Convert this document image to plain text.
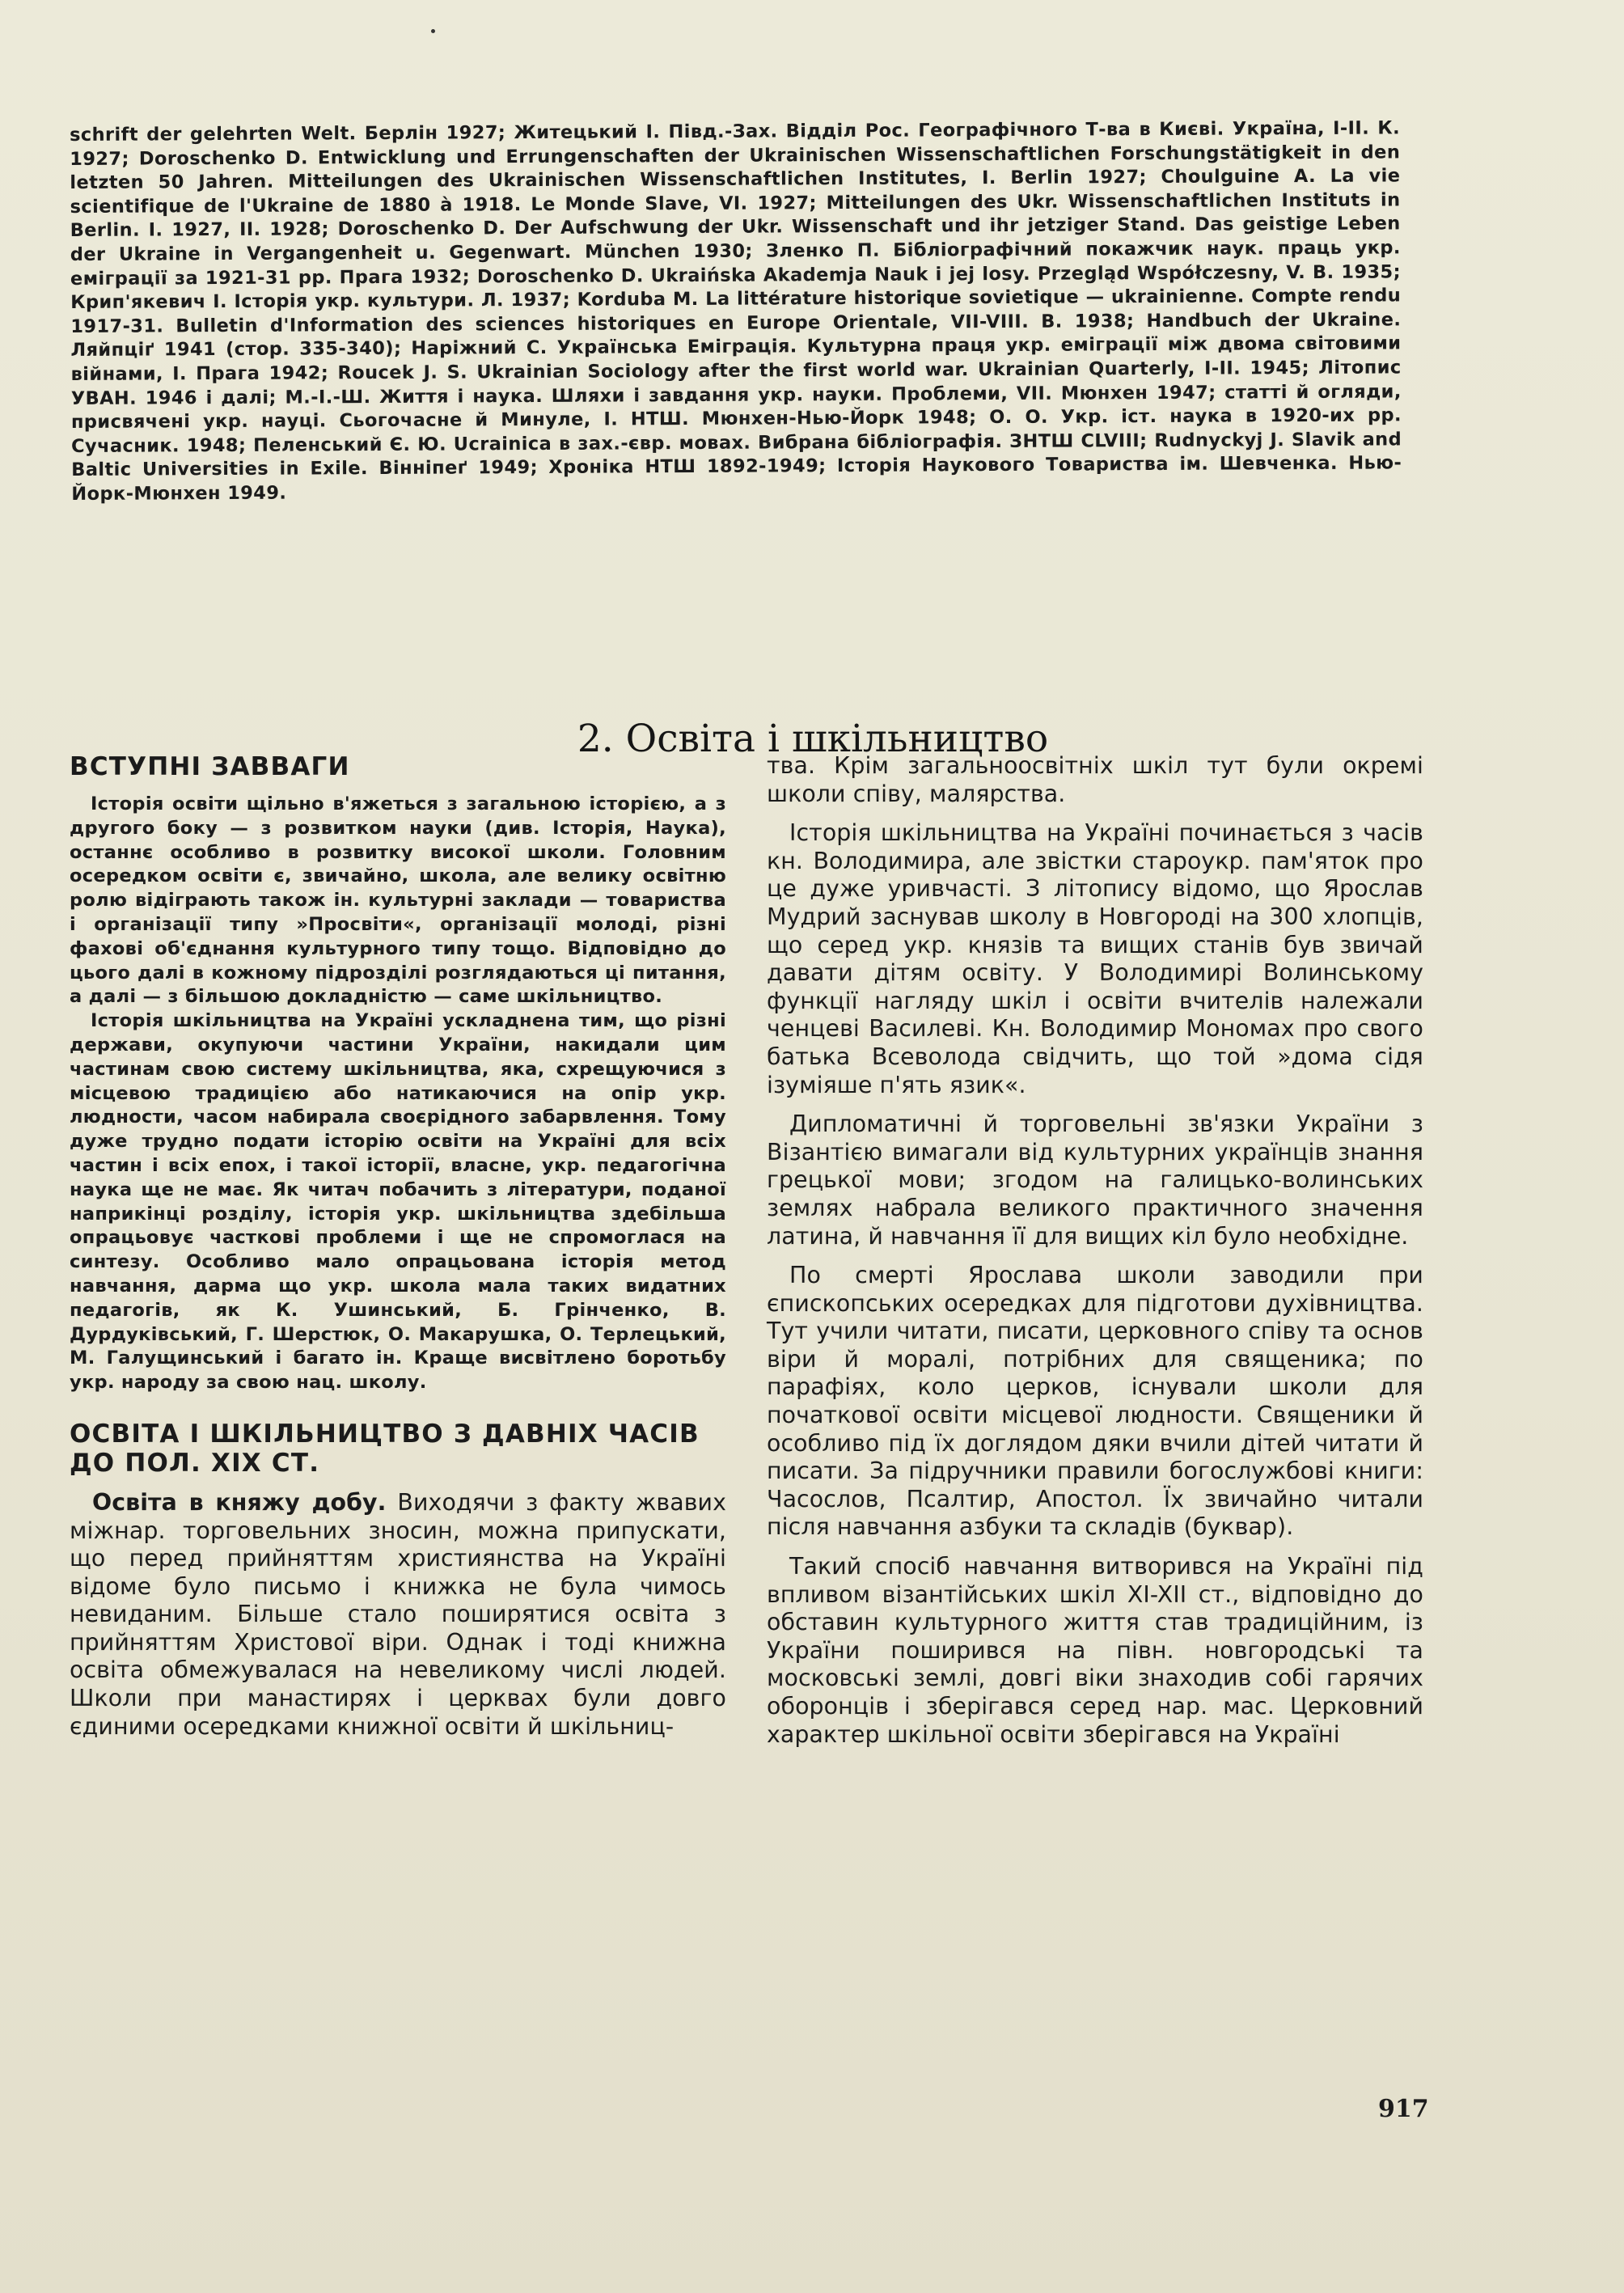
schrift der gelehrten Welt. Берлін 1927; Житецький І. Півд.-Зах. Відділ Рос. Географічного Т-ва в Києві. Україна, І-ІІ. К. 1927; Doroschenko D. Entwicklung und Errungenschaften der Ukrainischen Wissenschaftlichen Forschungstätigkeit in den letzten 50 Jahren. Mitteilungen des Ukrainischen Wissenschaftlichen Institutes, I. Berlin 1927; Choulguine A. La vie scientifique de l'Ukraine de 1880 à 1918. Le Monde Slave, VI. 1927; Mitteilungen des Ukr. Wissenschaftlichen Instituts in Berlin. I. 1927, II. 1928; Doroschenko D. Der Aufschwung der Ukr. Wissenschaft und ihr jetziger Stand. Das geistige Leben der Ukraine in Vergangenheit u. Gegenwart. München 1930; Зленко П. Бібліографічний покажчик наук. праць укр. еміграції за 1921-31 рр. Прага 1932; Doroschenko D. Ukraińska Akademja Nauk i jej losy. Przegląd Współczesny, V. B. 1935; Крип'якевич І. Історія укр. культури. Л. 1937; Korduba M. La littérature historique sovietique — ukrainienne. Compte rendu 1917-31. Bulletin d'Information des sciences historiques en Europe Orientale, VII-VIII. B. 1938; Handbuch der Ukraine. Ляйпціґ 1941 (стор. 335-340); Наріжний С. Українська Еміграція. Культурна праця укр. еміграції між двома світовими війнами, І. Прага 1942; Roucek J. S. Ukrainian Sociology after the first world war. Ukrainian Quarterly, I-II. 1945; Літопис УВАН. 1946 і далі; М.-І.-Ш. Життя і наука. Шляхи і завдання укр. науки. Проблеми, VII. Мюнхен 1947; статті й огляди, присвячені укр. науці. Сьогочасне й Минуле, І. НТШ. Мюнхен-Нью-Йорк 1948; О. О. Укр. іст. наука в 1920-их рр. Сучасник. 1948; Пеленський Є. Ю. Ucrainica в зах.-євр. мовах. Вибрана бібліографія. ЗНТШ CLVIII; Rudnyckyj J. Slavik and Baltic Universities in Exile. Вінніпеґ 1949; Хроніка НТШ 1892-1949; Історія Наукового Товариства ім. Шевченка. Нью-Йорк-Мюнхен 1949.

2. Освіта і шкільництво
ВСТУПНІ ЗАВВАГИ

Історія освіти щільно в'яжеться з загальною історією, а з другого боку — з розвитком науки (див. Історія, Наука), останнє особливо в розвитку високої школи. Головним осередком освіти є, звичайно, школа, але велику освітню ролю відіграють також ін. культурні заклади — товариства і організації типу »Просвіти«, організації молоді, різні фахові об'єднання культурного типу тощо. Відповідно до цього далі в кожному підрозділі розглядаються ці питання, а далі — з більшою докладністю — саме шкільництво.

Історія шкільництва на Україні ускладнена тим, що різні держави, окупуючи частини України, накидали цим частинам свою систему шкільництва, яка, схрещуючися з місцевою традицією або натикаючися на опір укр. людности, часом набирала своєрідного забарвлення. Тому дуже трудно подати історію освіти на Україні для всіх частин і всіх епох, і такої історії, власне, укр. педагогічна наука ще не має. Як читач побачить з літератури, поданої наприкінці розділу, історія укр. шкільництва здебільша опрацьовує часткові проблеми і ще не спромоглася на синтезу. Особливо мало опрацьована історія метод навчання, дарма що укр. школа мала таких видатних педагогів, як К. Ушинський, Б. Грінченко, В. Дурдуківський, Г. Шерстюк, О. Макарушка, О. Терлецький, М. Галущинський і багато ін. Краще висвітлено боротьбу укр. народу за свою нац. школу.

ОСВІТА І ШКІЛЬНИЦТВО З ДАВНІХ ЧАСІВ ДО ПОЛ. XIX СТ.

Освіта в княжу добу. Виходячи з факту жвавих міжнар. торговельних зносин, можна припускати, що перед прийняттям християнства на Україні відоме було письмо і книжка не була чимось невиданим. Більше стало поширятися освіта з прийняттям Христової віри. Однак і тоді книжна освіта обмежувалася на невеликому числі людей. Школи при манастирях і церквах були довго єдиними осередками книжної освіти й шкільниц-

тва. Крім загальноосвітніх шкіл тут були окремі школи співу, малярства.

Історія шкільництва на Україні починається з часів кн. Володимира, але звістки староукр. пам'яток про це дуже уривчасті. З літопису відомо, що Ярослав Мудрий заснував школу в Новгороді на 300 хлопців, що серед укр. князів та вищих станів був звичай давати дітям освіту. У Володимирі Волинському функції нагляду шкіл і освіти вчителів належали ченцеві Василеві. Кн. Володимир Мономах про свого батька Всеволода свідчить, що той »дома сідя ізуміяше п'ять язик«.

Дипломатичні й торговельні зв'язки України з Візантією вимагали від культурних українців знання грецької мови; згодом на галицько-волинських землях набрала великого практичного значення латина, й навчання її для вищих кіл було необхідне.

По смерті Ярослава школи заводили при єпископських осередках для підготови духівництва. Тут учили читати, писати, церковного співу та основ віри й моралі, потрібних для священика; по парафіях, коло церков, існували школи для початкової освіти місцевої людности. Священики й особливо під їх доглядом дяки вчили дітей читати й писати. За підручники правили богослужбові книги: Часослов, Псалтир, Апостол. Їх звичайно читали після навчання азбуки та складів (буквар).

Такий спосіб навчання витворився на Україні під впливом візантійських шкіл XI-XII ст., відповідно до обставин культурного життя став традиційним, із України поширився на півн. новгородські та московські землі, довгі віки знаходив собі гарячих оборонців і зберігався серед нар. мас. Церковний характер шкільної освіти зберігався на Україні

917
